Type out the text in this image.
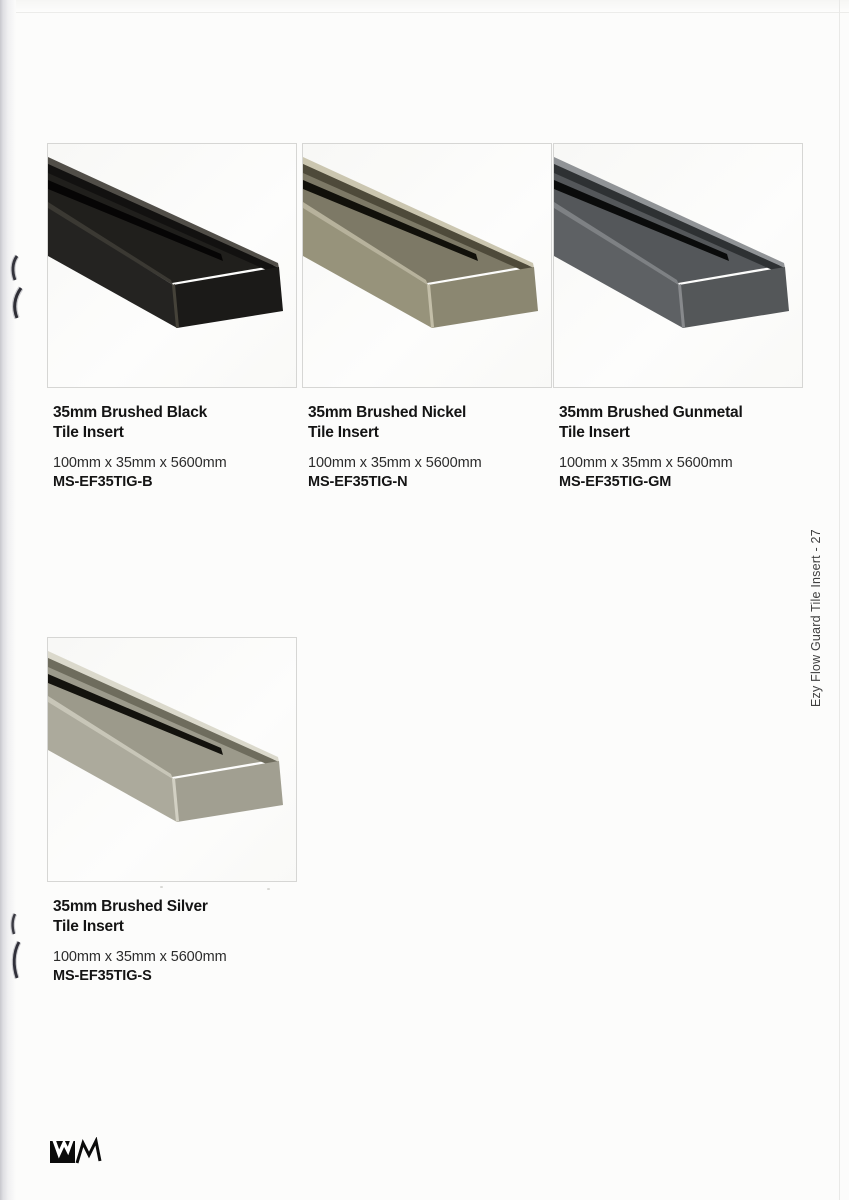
35mm Brushed Black
Tile Insert
100mm x 35mm x 5600mm
MS-EF35TIG-B
35mm Brushed Nickel
Tile Insert
100mm x 35mm x 5600mm
MS-EF35TIG-N
35mm Brushed Gunmetal
Tile Insert
100mm x 35mm x 5600mm
MS-EF35TIG-GM
35mm Brushed Silver
Tile Insert
100mm x 35mm x 5600mm
MS-EF35TIG-S
Ezy Flow Guard Tile Insert - 27
